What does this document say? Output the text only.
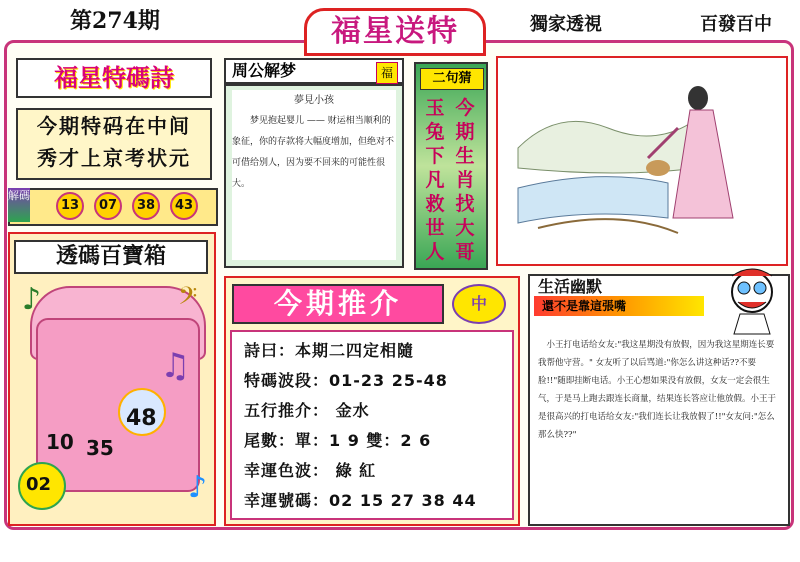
第274期	福星送特	獨家透視	百發百中
福星特碼詩
今期特码在中间
秀才上京考状元
解碼
13	07	38	43
透碼百寶箱
♪
♫
𝄢
♪
48
10 35
02
周公解梦	福
夢見小孩
梦见抱起婴儿 —— 财运相当顺利的象征，你的存款将大幅度增加，但绝对不可借给别人，因为要不回来的可能性很大。
二句猜
今
期
生
肖
找
大
哥
玉
兔
下
凡
救
世
人
今期推介	中
詩曰：本期二四定相隨
特碼波段：01-23 25-48
五行推介： 金水
尾數：單：1 9 雙：2 6
幸運色波： 綠 紅
幸運號碼：02 15 27 38 44
生活幽默
還不是靠這張嘴
小王打电话给女友:"我这星期没有放假，因为我这星期连长要我帮他守营。" 女友听了以后骂道:"你怎么讲这种话??不要脸!!"随即挂断电话。小王心想如果没有放假，女友一定会很生气，于是马上跑去跟连长商量，结果连长答应让他放假。小王于是很高兴的打电话给女友:"我们连长让我放假了!!"女友问:"怎么那么快??"
